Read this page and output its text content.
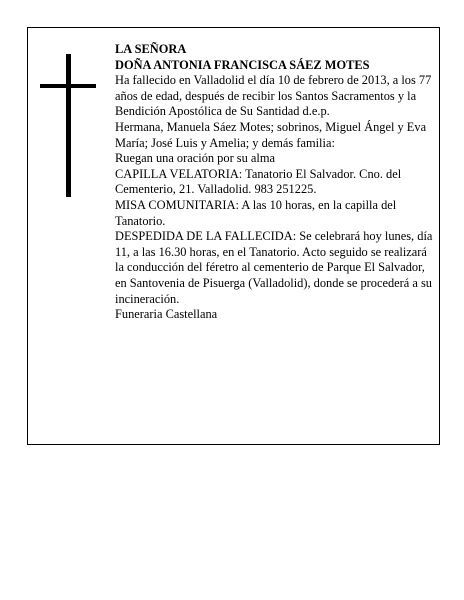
LA SEÑORA

DOÑA ANTONIA FRANCISCA SÁEZ MOTES

Ha fallecido en Valladolid el día 10 de febrero de 2013, a los 77 años de edad, después de recibir los Santos Sacramentos y la Bendición Apostólica de Su Santidad d.e.p.

Hermana, Manuela Sáez Motes; sobrinos, Miguel Ángel y Eva María; José Luis y Amelia; y demás familia:

Ruegan una oración por su alma

CAPILLA VELATORIA: Tanatorio El Salvador. Cno. del Cementerio, 21. Valladolid. 983 251225.

MISA COMUNITARIA: A las 10 horas, en la capilla del Tanatorio.

DESPEDIDA DE LA FALLECIDA: Se celebrará hoy lunes, día 11, a las 16.30 horas, en el Tanatorio. Acto seguido se realizará la conducción del féretro al cementerio de Parque El Salvador, en Santovenia de Pisuerga (Valladolid), donde se procederá a su incineración.

Funeraria Castellana
